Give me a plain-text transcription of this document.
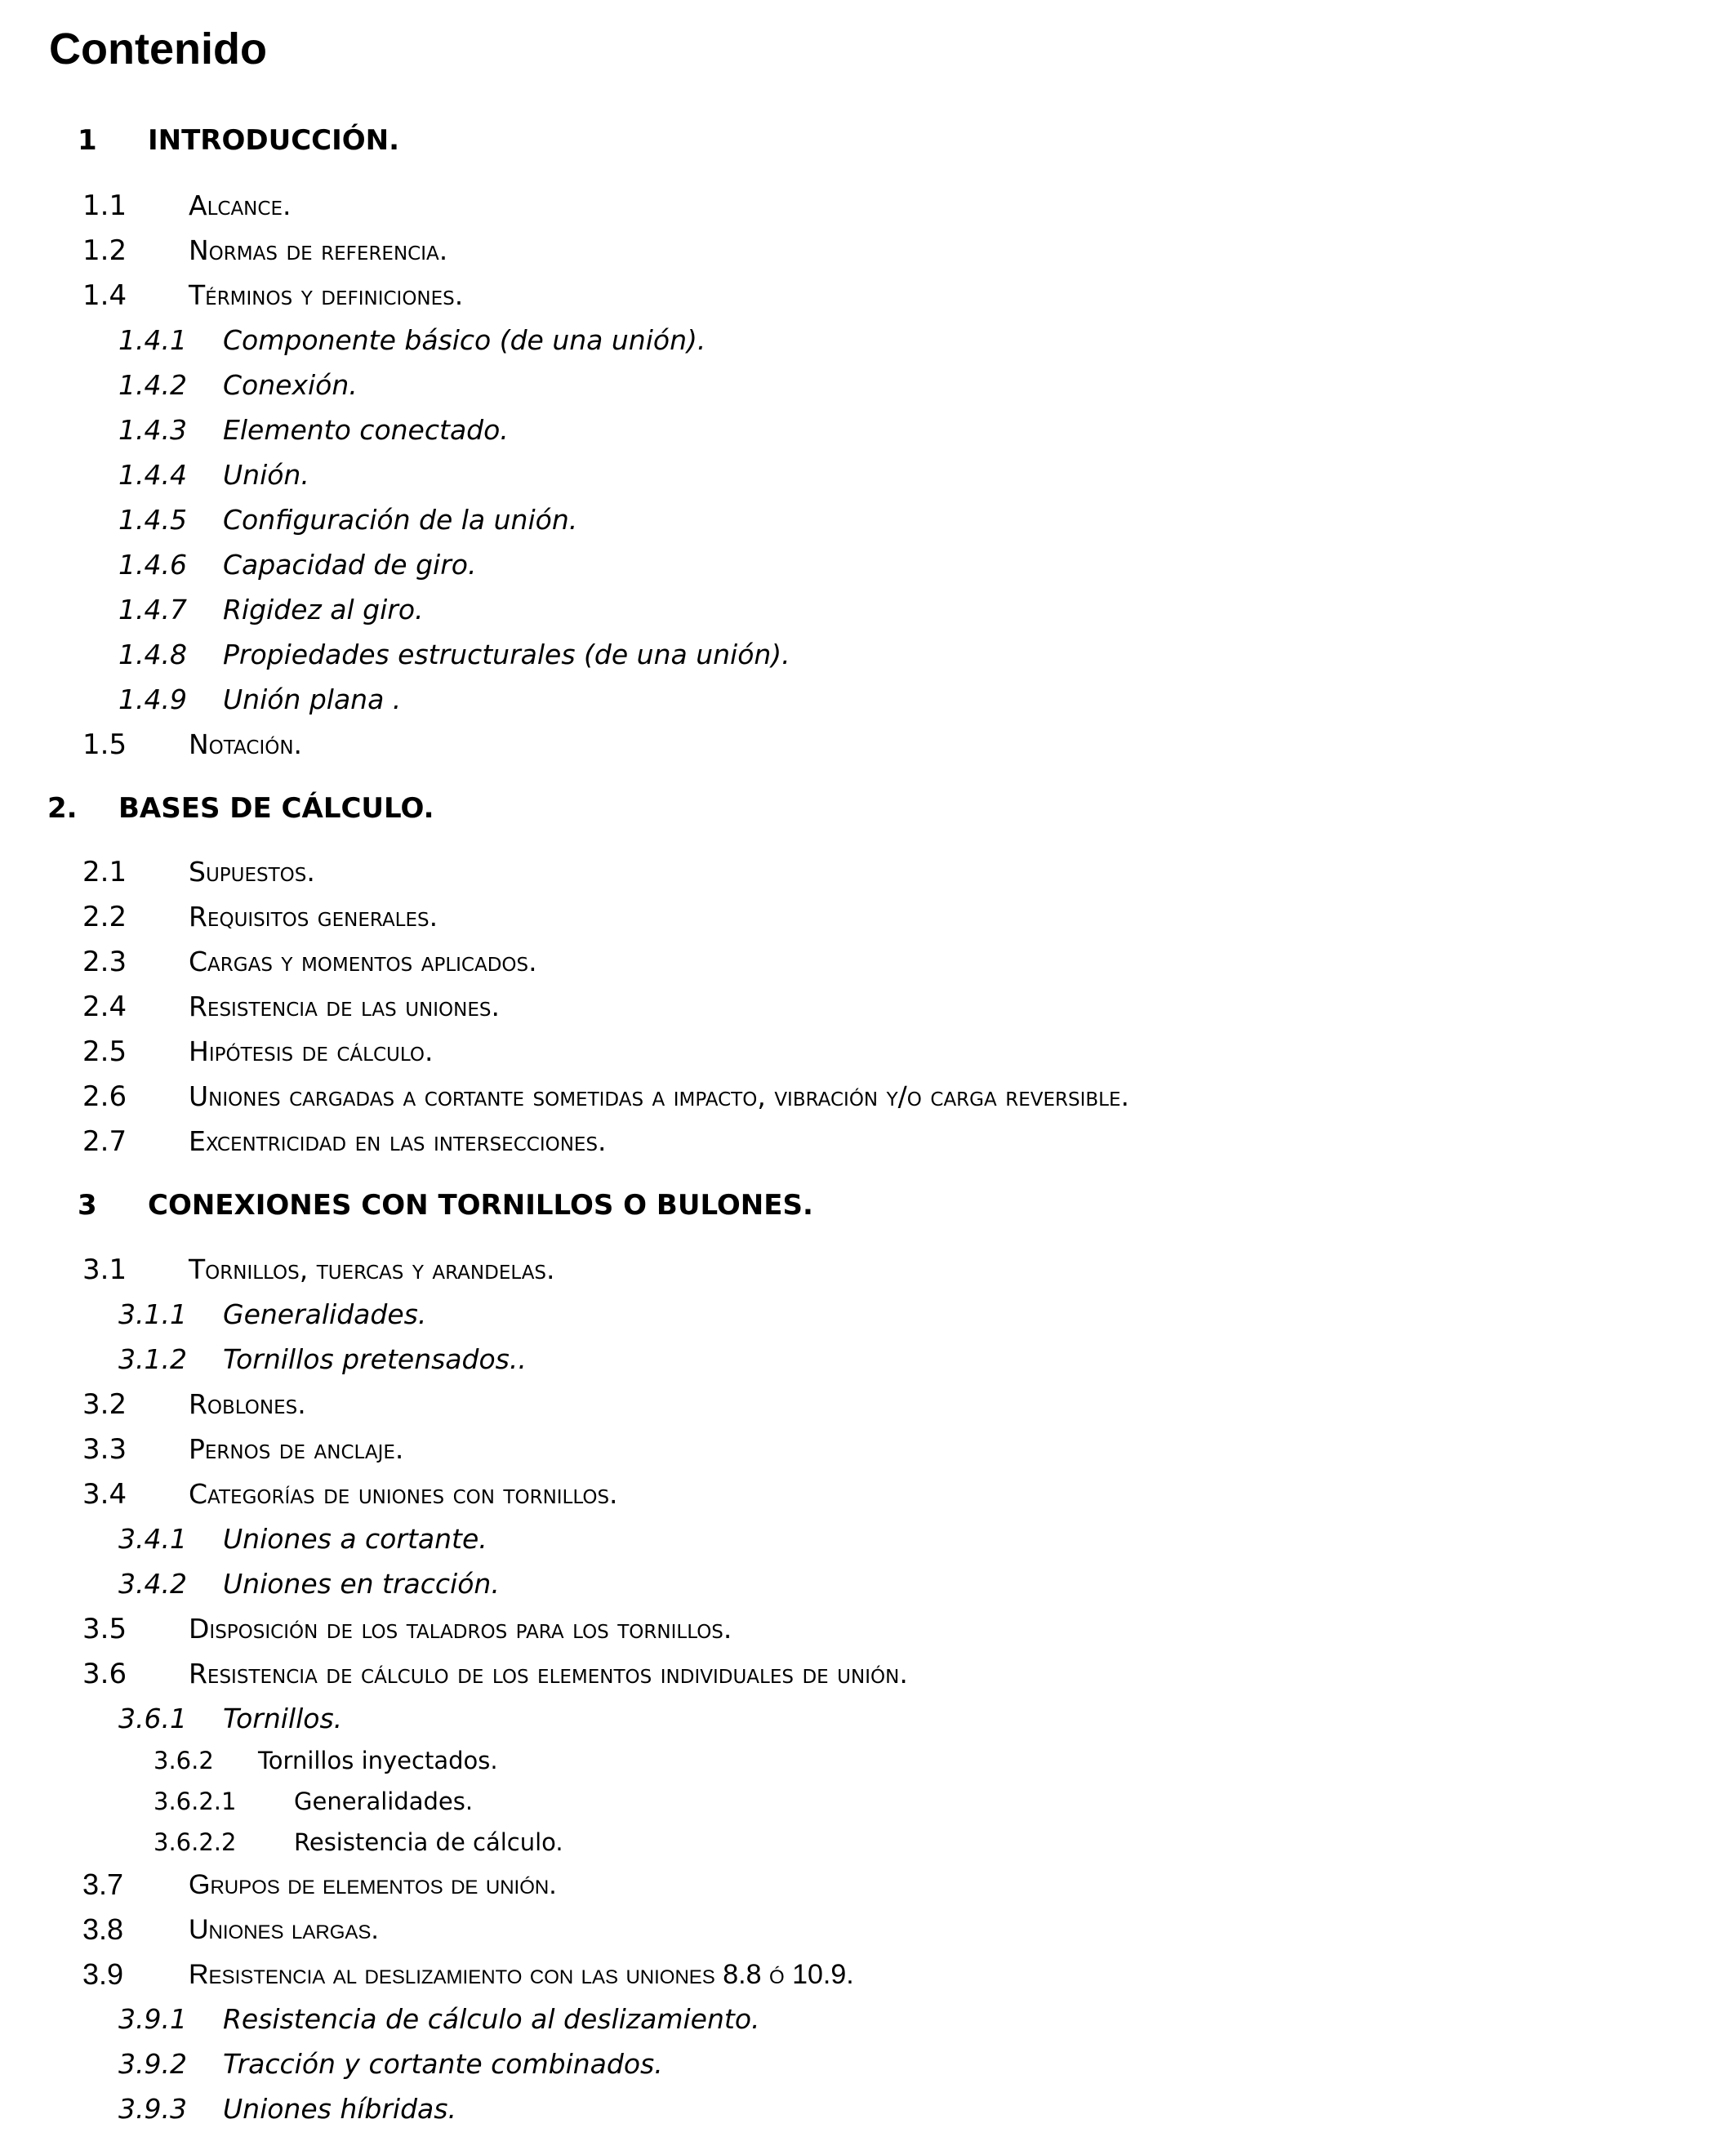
Contenido
1 INTRODUCCIÓN.
1.1 Alcance.
1.2 Normas de referencia.
1.4 Términos y definiciones.
1.4.1 Componente básico (de una unión).
1.4.2 Conexión.
1.4.3 Elemento conectado.
1.4.4 Unión.
1.4.5 Configuración de la unión.
1.4.6 Capacidad de giro.
1.4.7 Rigidez al giro.
1.4.8 Propiedades estructurales (de una unión).
1.4.9 Unión plana .
1.5 Notación.
2. BASES DE CÁLCULO.
2.1 Supuestos.
2.2 Requisitos generales.
2.3 Cargas y momentos aplicados.
2.4 Resistencia de las uniones.
2.5 Hipótesis de cálculo.
2.6 Uniones cargadas a cortante sometidas a impacto, vibración y/o carga reversible.
2.7 Excentricidad en las intersecciones.
3 CONEXIONES CON TORNILLOS O BULONES.
3.1 Tornillos, tuercas y arandelas.
3.1.1 Generalidades.
3.1.2 Tornillos pretensados..
3.2 Roblones.
3.3 Pernos de anclaje.
3.4 Categorías de uniones con tornillos.
3.4.1 Uniones a cortante.
3.4.2 Uniones en tracción.
3.5 Disposición de los taladros para los tornillos.
3.6 Resistencia de cálculo de los elementos individuales de unión.
3.6.1 Tornillos.
3.6.2 Tornillos inyectados.
3.6.2.1 Generalidades.
3.6.2.2 Resistencia de cálculo.
3.7 Grupos de elementos de unión.
3.8 Uniones largas.
3.9 Resistencia al deslizamiento con las uniones 8.8 ó 10.9.
3.9.1 Resistencia de cálculo al deslizamiento.
3.9.2 Tracción y cortante combinados.
3.9.3 Uniones híbridas.
